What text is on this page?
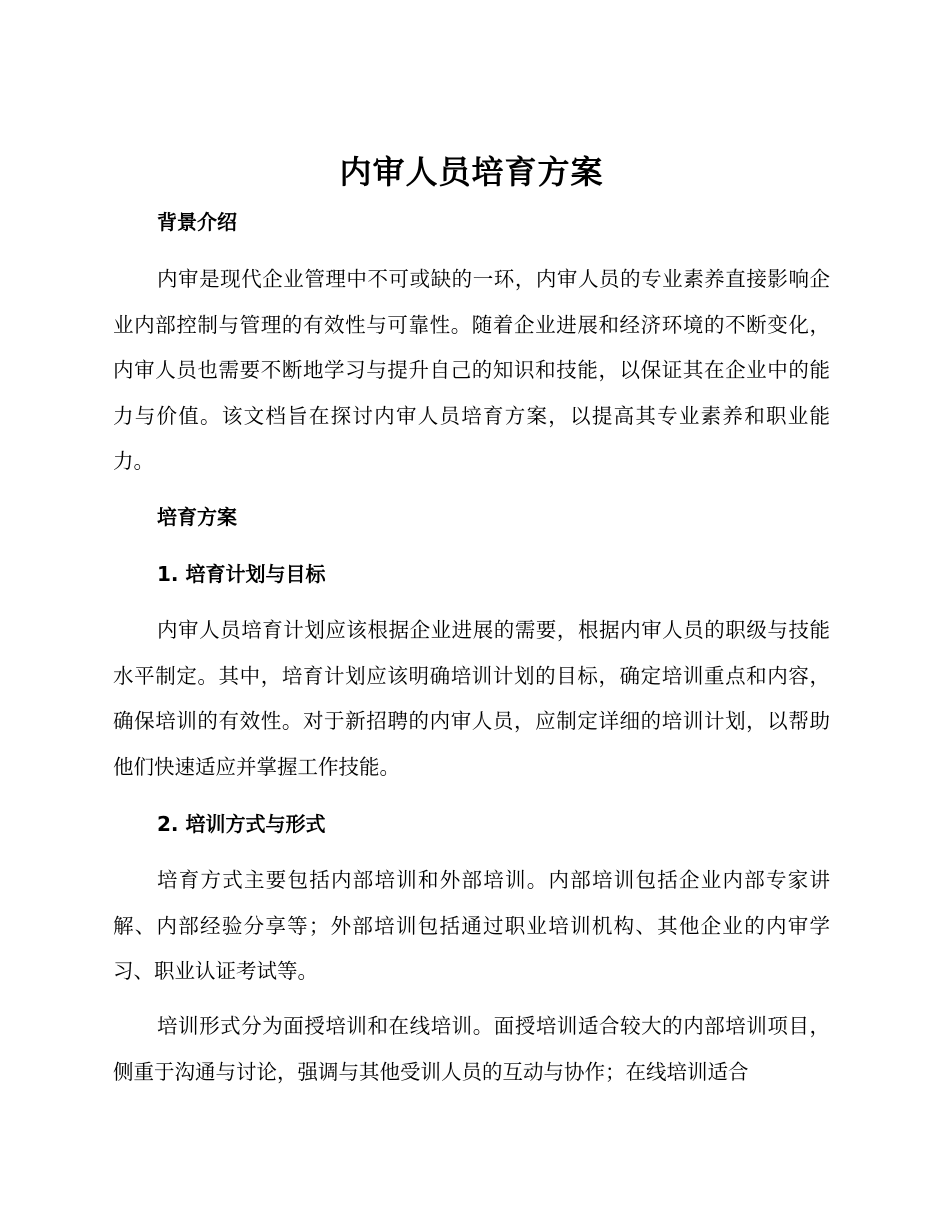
内审人员培育方案
背景介绍

内审是现代企业管理中不可或缺的一环，内审人员的专业素养直接影响企业内部控制与管理的有效性与可靠性。随着企业进展和经济环境的不断变化，内审人员也需要不断地学习与提升自己的知识和技能，以保证其在企业中的能力与价值。该文档旨在探讨内审人员培育方案，以提高其专业素养和职业能力。

培育方案
1. 培育计划与目标

内审人员培育计划应该根据企业进展的需要，根据内审人员的职级与技能水平制定。其中，培育计划应该明确培训计划的目标，确定培训重点和内容，确保培训的有效性。对于新招聘的内审人员，应制定详细的培训计划，以帮助他们快速适应并掌握工作技能。

2. 培训方式与形式

培育方式主要包括内部培训和外部培训。内部培训包括企业内部专家讲解、内部经验分享等；外部培训包括通过职业培训机构、其他企业的内审学习、职业认证考试等。

培训形式分为面授培训和在线培训。面授培训适合较大的内部培训项目，侧重于沟通与讨论，强调与其他受训人员的互动与协作；在线培训适合
